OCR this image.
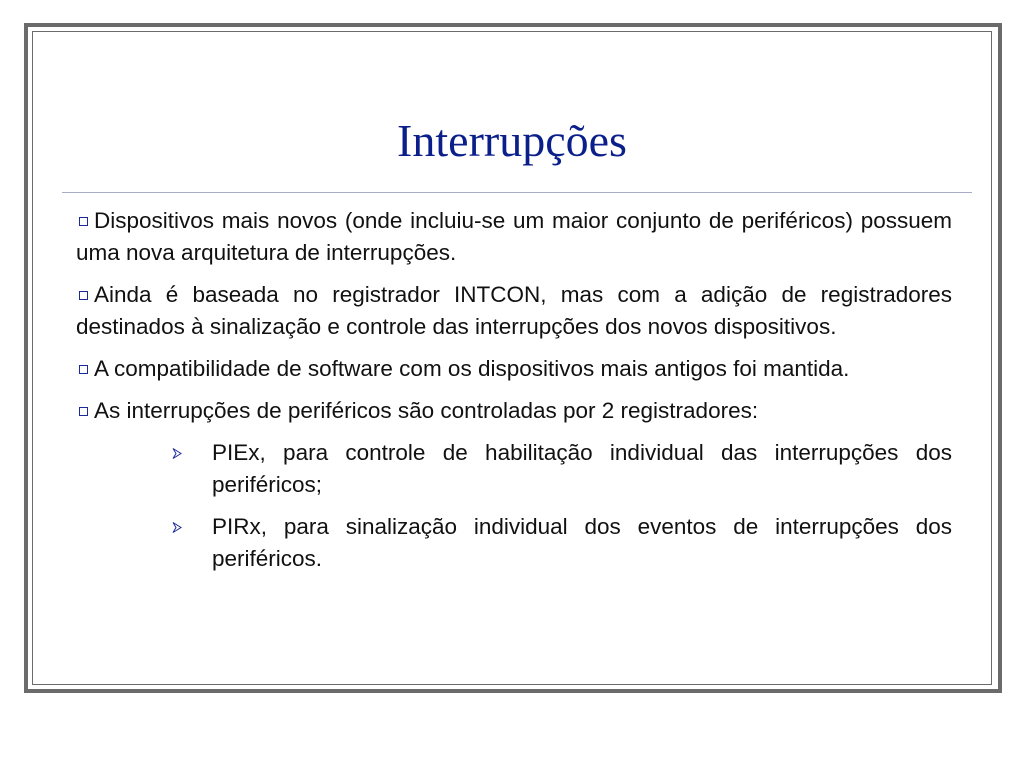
Interrupções

Dispositivos mais novos (onde incluiu-se um maior conjunto de periféricos) possuem uma nova arquitetura de interrupções.

Ainda é baseada no registrador INTCON, mas com a adição de registradores destinados à sinalização e controle das interrupções dos novos dispositivos.

A compatibilidade de software com os dispositivos mais antigos foi mantida.

As interrupções de periféricos são controladas por 2 registradores:

PIEx, para controle de habilitação individual das interrupções dos periféricos;

PIRx, para sinalização individual dos eventos de interrupções dos periféricos.
